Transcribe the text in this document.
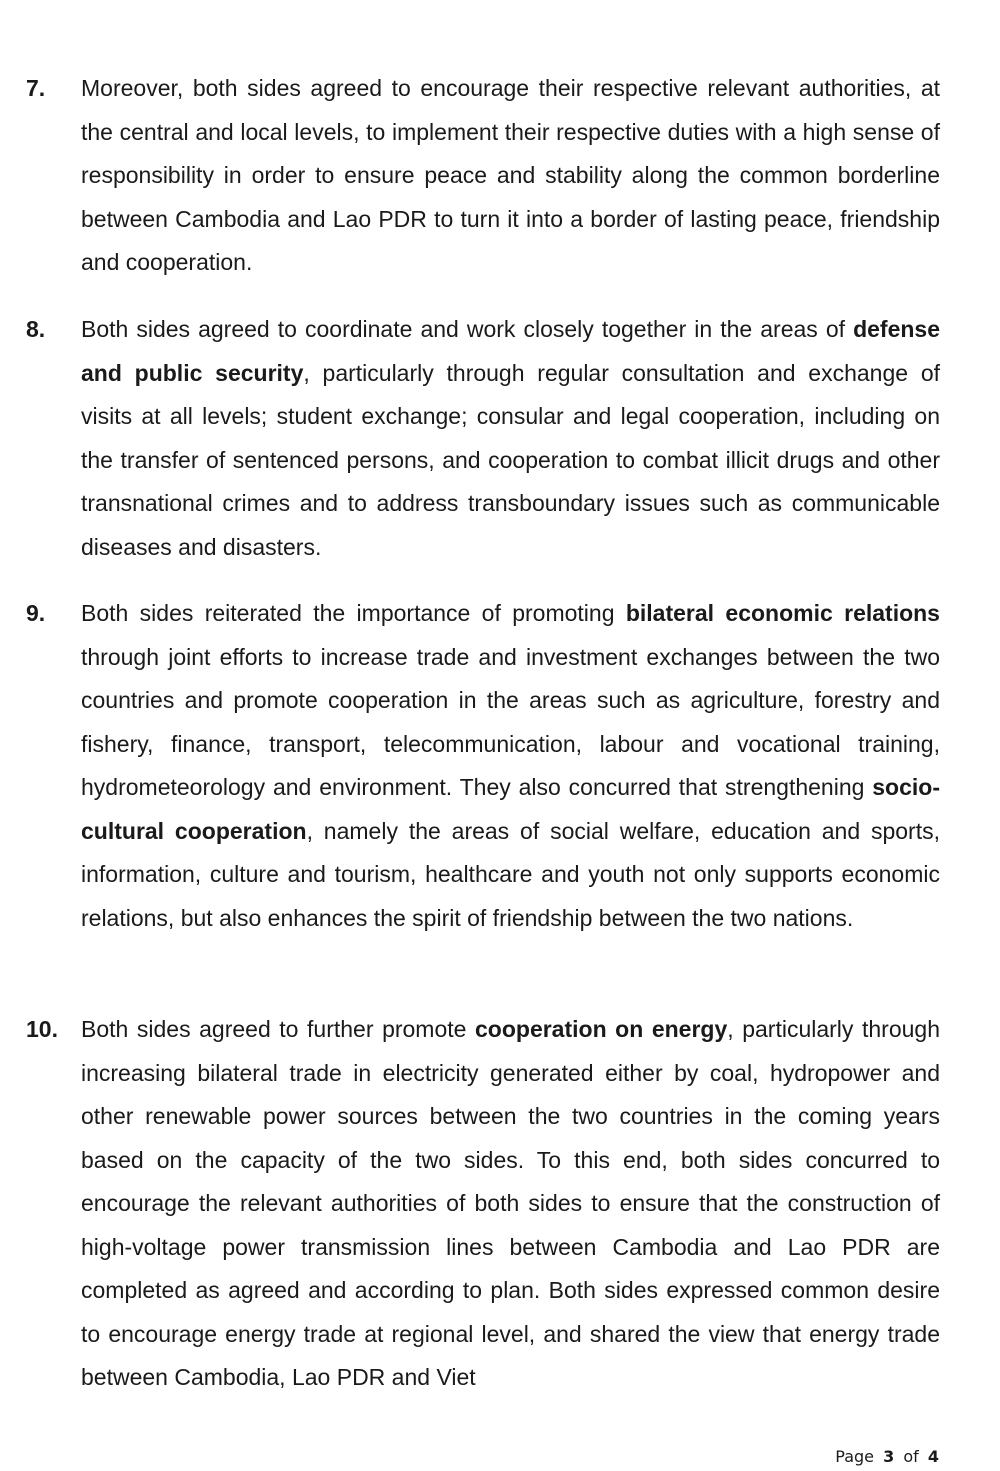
7.	Moreover, both sides agreed to encourage their respective relevant authorities, at the central and local levels, to implement their respective duties with a high sense of responsibility in order to ensure peace and stability along the common borderline between Cambodia and Lao PDR to turn it into a border of lasting peace, friendship and cooperation.
8.	Both sides agreed to coordinate and work closely together in the areas of defense and public security, particularly through regular consultation and exchange of visits at all levels; student exchange; consular and legal cooperation, including on the transfer of sentenced persons, and cooperation to combat illicit drugs and other transnational crimes and to address transboundary issues such as communicable diseases and disasters.
9.	Both sides reiterated the importance of promoting bilateral economic relations through joint efforts to increase trade and investment exchanges between the two countries and promote cooperation in the areas such as agriculture, forestry and fishery, finance, transport, telecommunication, labour and vocational training, hydrometeorology and environment. They also concurred that strengthening socio-cultural cooperation, namely the areas of social welfare, education and sports, information, culture and tourism, healthcare and youth not only supports economic relations, but also enhances the spirit of friendship between the two nations.
10.	Both sides agreed to further promote cooperation on energy, particularly through increasing bilateral trade in electricity generated either by coal, hydropower and other renewable power sources between the two countries in the coming years based on the capacity of the two sides. To this end, both sides concurred to encourage the relevant authorities of both sides to ensure that the construction of high-voltage power transmission lines between Cambodia and Lao PDR are completed as agreed and according to plan. Both sides expressed common desire to encourage energy trade at regional level, and shared the view that energy trade between Cambodia, Lao PDR and Viet
Page 3 of 4
